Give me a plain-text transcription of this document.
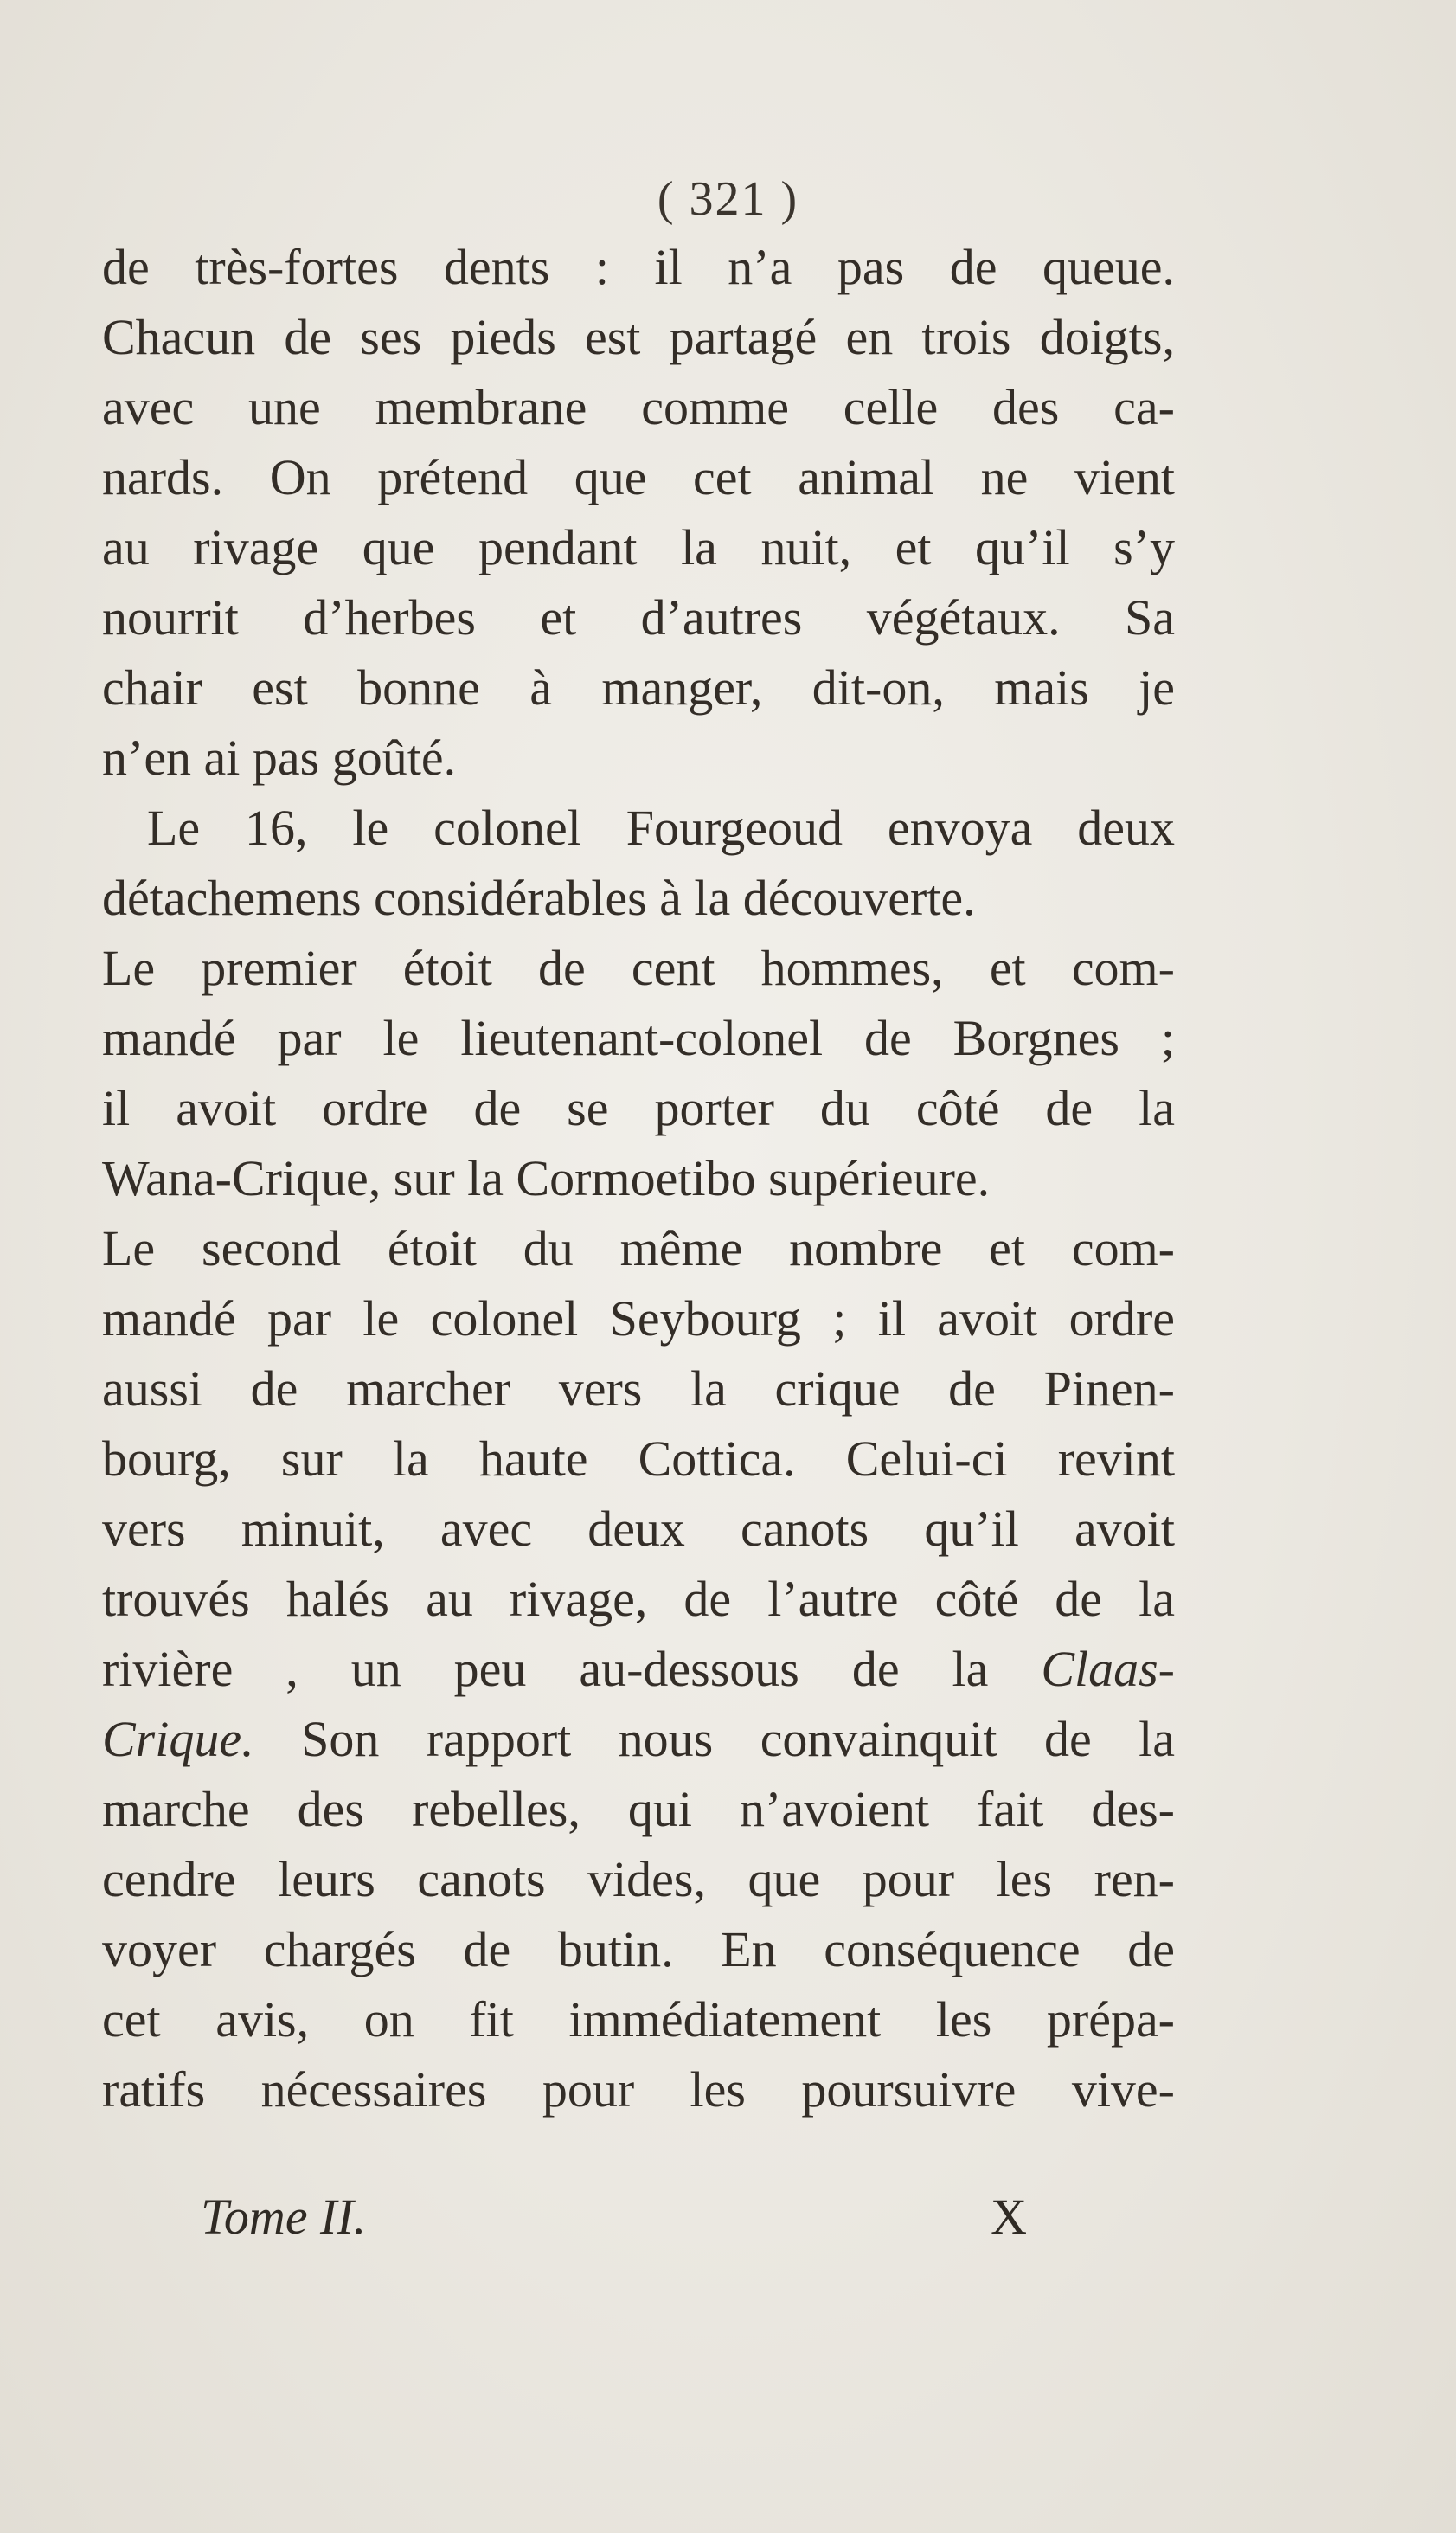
( 321 )
de très-fortes dents : il n’a pas de queue.
Chacun de ses pieds est partagé en trois doigts,
avec une membrane comme celle des ca-
nards. On prétend que cet animal ne vient
au rivage que pendant la nuit, et qu’il s’y
nourrit d’herbes et d’autres végétaux. Sa
chair est bonne à manger, dit-on, mais je
n’en ai pas goûté.
Le 16, le colonel Fourgeoud envoya deux
détachemens considérables à la découverte.
Le premier étoit de cent hommes, et com-
mandé par le lieutenant-colonel de Borgnes ;
il avoit ordre de se porter du côté de la
Wana-Crique, sur la Cormoetibo supérieure.
Le second étoit du même nombre et com-
mandé par le colonel Seybourg ; il avoit ordre
aussi de marcher vers la crique de Pinen-
bourg, sur la haute Cottica. Celui-ci revint
vers minuit, avec deux canots qu’il avoit
trouvés halés au rivage, de l’autre côté de la
rivière , un peu au-dessous de la Claas-
Crique. Son rapport nous convainquit de la
marche des rebelles, qui n’avoient fait des-
cendre leurs canots vides, que pour les ren-
voyer chargés de butin. En conséquence de
cet avis, on fit immédiatement les prépa-
ratifs nécessaires pour les poursuivre vive-
Tome II.	X
